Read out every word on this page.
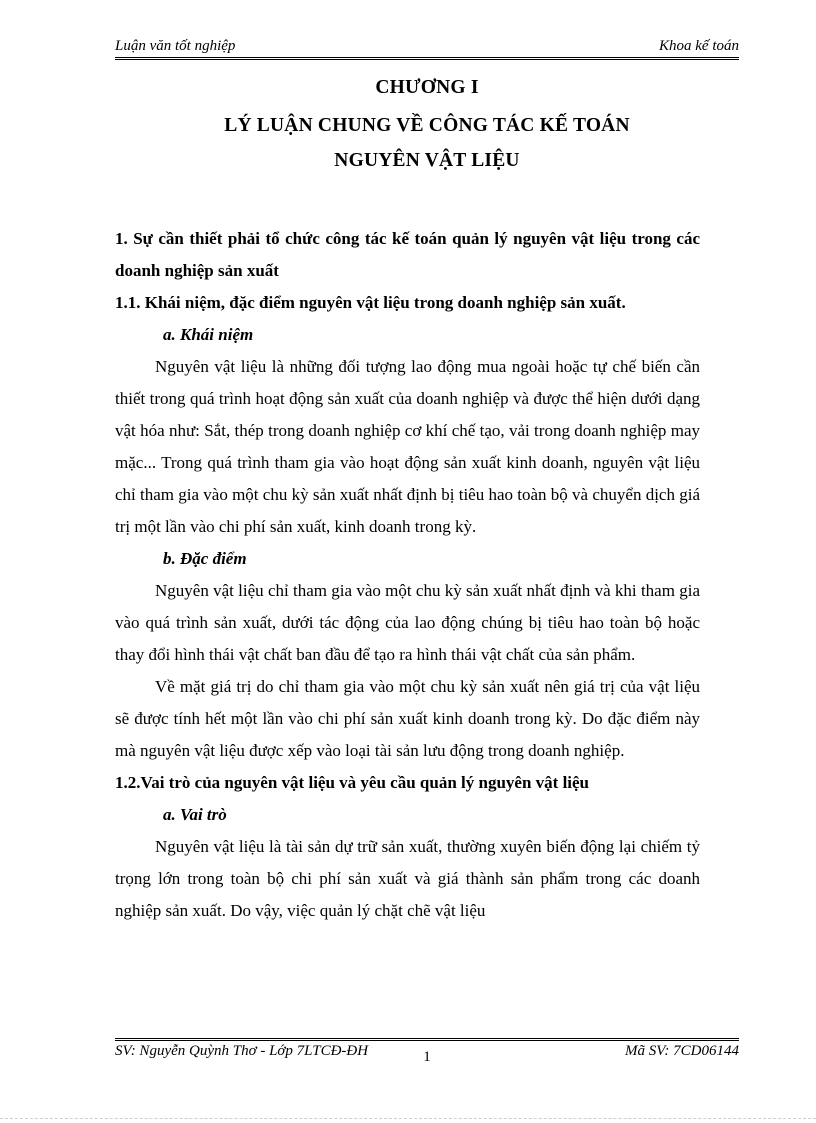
Luận văn tốt nghiệp	Khoa kế toán
CHƯƠNG I
LÝ LUẬN CHUNG VỀ CÔNG TÁC KẾ TOÁN
NGUYÊN VẬT LIỆU

1. Sự cần thiết phải tổ chức công tác kế toán quản lý nguyên vật liệu trong các doanh nghiệp sản xuất

1.1. Khái niệm, đặc điểm nguyên vật liệu trong doanh nghiệp sản xuất.

a. Khái niệm

Nguyên vật liệu là những đối tượng lao động mua ngoài hoặc tự chế biến cần thiết trong quá trình hoạt động sản xuất của doanh nghiệp và được thể hiện dưới dạng vật hóa như: Sắt, thép trong doanh nghiệp cơ khí chế tạo, vải trong doanh nghiệp may mặc... Trong quá trình tham gia vào hoạt động sản xuất kinh doanh, nguyên vật liệu chỉ tham gia vào một chu kỳ sản xuất nhất định bị tiêu hao toàn bộ và chuyển dịch giá trị một lần vào chi phí sản xuất, kinh doanh trong kỳ.

b. Đặc điểm

Nguyên vật liệu chỉ tham gia vào một chu kỳ sản xuất nhất định và khi tham gia vào quá trình sản xuất, dưới tác động của lao động chúng bị tiêu hao toàn bộ hoặc thay đổi hình thái vật chất ban đầu để tạo ra hình thái vật chất của sản phẩm.

Về mặt giá trị do chỉ tham gia vào một chu kỳ sản xuất nên giá trị của vật liệu sẽ được tính hết một lần vào chi phí sản xuất kinh doanh trong kỳ. Do đặc điểm này mà nguyên vật liệu được xếp vào loại tài sản lưu động trong doanh nghiệp.

1.2.Vai trò của nguyên vật liệu và yêu cầu quản lý nguyên vật liệu

a. Vai trò

Nguyên vật liệu là tài sản dự trữ sản xuất, thường xuyên biến động lại chiếm tỷ trọng lớn trong toàn bộ chi phí sản xuất và giá thành sản phẩm trong các doanh nghiệp sản xuất. Do vậy, việc quản lý chặt chẽ vật liệu

SV: Nguyễn Quỳnh Thơ - Lớp 7LTCĐ-ĐH	1	Mã SV: 7CD06144
